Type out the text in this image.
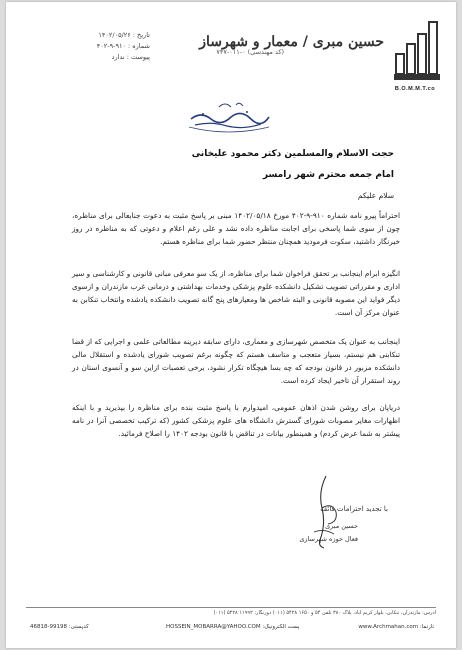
B.O.M.M.T.co
حسین مبری / معمار و شهرساز
(کد مهندسی) ۰-۰۱۱-۷۴۷
تاریخ : ۱۴۰۲/۰۵/۲۶
شماره : ۹۱۰-۹-۴۰۲
پیوست : ندارد
حجت الاسلام والمسلمین دکتر محمود علیخانی
امام جمعه محترم شهر رامسر
سلام علیکم
احتراماً پیرو نامه شماره ۹۱۰-۹-۴۰۲ مورخ ۱۴۰۲/۰۵/۱۸ مبنی بر پاسخ مثبت به دعوت جنابعالی برای مناظره، چون از سوی شما پاسخی برای اجابت مناظره داده نشد و علی رغم اعلام و دعوتی که به مناظره در روز خبرنگار داشتید، سکوت فرمودید همچنان منتظر حضور شما برای مناظره هستم.
انگیزه ابرام اینجانب بر تحقق فراخوان شما برای مناظره، از یک سو معرفی مبانی قانونی و کارشناسی و سیر اداری و مقرراتی تصویب تشکیل دانشکده علوم پزشکی وخدمات بهداشتی و درمانی غرب مازندران و ازسوی دیگر فواید این مصوبه قانونی و البته شاخص ها ومعیارهای پنج گانه تصویب دانشکده یادشده وانتخاب تنکابن به عنوان مرکز آن است.
اینجانب به عنوان یک متخصص شهرسازی و معماری، دارای سابقه دیرینه مطالعاتی علمی و اجرایی که از قضا تنکابنی هم نیستم، بسیار متعجب و متاسف هستم که چگونه برغم تصویب شورای یادشده و استقلال مالی دانشکده مزبور در قانون بودجه که چه بسا هیچگاه تکرار نشود، برخی تعصبات ازاین سو و آنسوی استان در روند استقرار آن تاخیر ایجاد کرده است.
دریاپان برای روشن شدن اذهان عمومی، امیدوارم با پاسخ مثبت بنده برای مناظره را بپذیرید و با اینکه اظهارات مغایر مصوبات شورای گسترش دانشگاه های علوم پزشکی کشور (که ترکیب تخصصی آنرا در نامه پیشتر به شما عرض کردم) و همینطور بیانات در تناقض با قانون بودجه ۱۴۰۲ را اصلاح فرمائید.
با تجدید احترامات فائقه
حسین مبری
فعال حوزه شهرسازی
آدرس: مازندران، تنکابن، بلوار کریم آباد، پلاک ۳۸۰ تلفن ۵۴ و ۱۶۵۰ ۵۴۲۸ (۰۱۱) دورنگار: ۱۱۹۹۲ ۵۴۲۸ (۰۱۱)
www.Archmahan.com :تارنما
HOSSEIN_MOBARRA@YAHOO.COM :پست الکترونیک
46818-99198 :کدپستی
